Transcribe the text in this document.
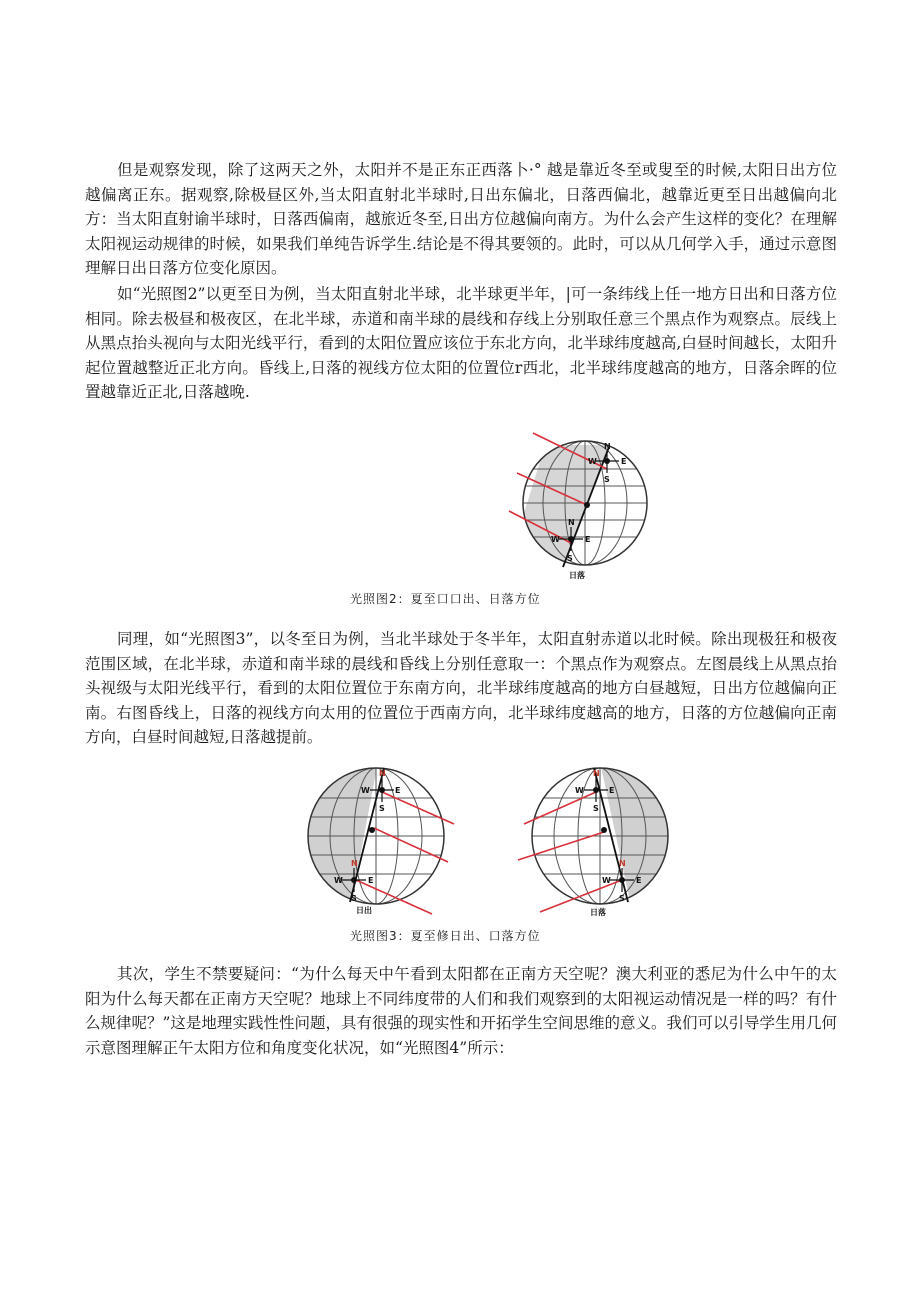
但是观察发现，除了这两天之外，太阳并不是正东正西落卜·° 越是靠近冬至或叟至的时候,太阳日出方位越偏离正东。据观察,除极昼区外,当太阳直射北半球时,日出东偏北，日落西偏北，越靠近更至日出越偏向北方：当太阳直射谕半球时，日落西偏南，越旅近冬至,日出方位越偏向南方。为什么会产生这样的变化？在理解太阳视运动规律的时候，如果我们单纯告诉学生.结论是不得其要领的。此时，可以从几何学入手，通过示意图理解日出日落方位变化原因。

如“光照图2”以更至日为例，当太阳直射北半球，北半球更半年，|可一条纬线上任一地方日出和日落方位相同。除去极昼和极夜区，在北半球，赤道和南半球的晨线和存线上分别取任意三个黑点作为观察点。辰线上从黑点抬头视向与太阳光线平行，看到的太阳位置应该位于东北方向，北半球纬度越高,白昼时间越长，太阳升起位置越整近正北方向。昏线上,日落的视线方位太阳的位置位r西北，北半球纬度越高的地方，日落余晖的位置越靠近正北,日落越晚.

N
E
W
S
N
E
W
S
日落
光照图2：夏至口口出、日落方位

同理，如“光照图3”，以冬至日为例，当北半球处于冬半年，太阳直射赤道以北时候。除出现极狂和极夜范围区域，在北半球，赤道和南半球的晨线和昏线上分别任意取一：个黑点作为观察点。左图晨线上从黑点抬头视级与太阳光线平行，看到的太阳位置位于东南方向，北半球纬度越高的地方白昼越短，日出方位越偏向正南。右图昏线上，日落的视线方向太用的位置位于西南方向，北半球纬度越高的地方，日落的方位越偏向正南方向，白昼时间越短,日落越提前。

N
E
W
S
N
E
W
S
日出
N
E
W
S
N
E
W
S
日落
光照图3：夏至修日出、口落方位

其次，学生不禁要疑问：“为什么每天中午看到太阳都在正南方天空呢？澳大利亚的悉尼为什么中午的太阳为什么每天都在正南方天空呢？地球上不同纬度带的人们和我们观察到的太阳视运动情况是一样的吗？有什么规律呢？”这是地理实践性性问题，具有很强的现实性和开拓学生空间思维的意义。我们可以引导学生用几何示意图理解正午太阳方位和角度变化状况，如“光照图4”所示：
